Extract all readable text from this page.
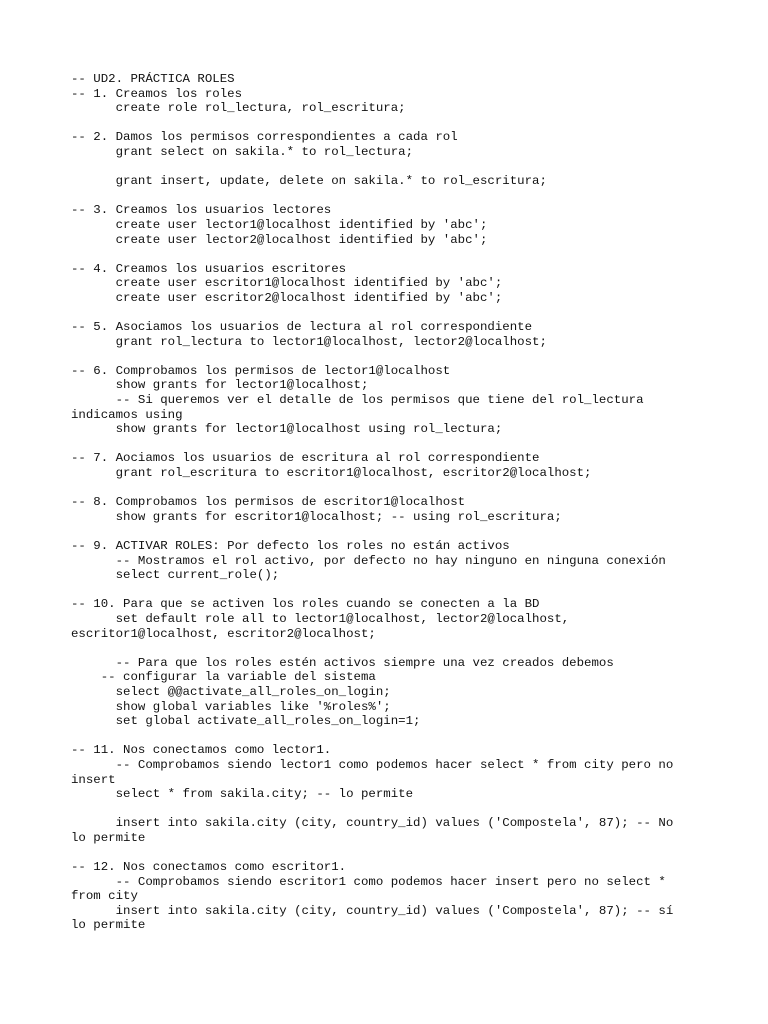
-- UD2. PRÁCTICA ROLES
-- 1. Creamos los roles
create role rol_lectura, rol_escritura;
-- 2. Damos los permisos correspondientes a cada rol
grant select on sakila.* to rol_lectura;
grant insert, update, delete on sakila.* to rol_escritura;
-- 3. Creamos los usuarios lectores
create user lector1@localhost identified by 'abc';
create user lector2@localhost identified by 'abc';
-- 4. Creamos los usuarios escritores
create user escritor1@localhost identified by 'abc';
create user escritor2@localhost identified by 'abc';
-- 5. Asociamos los usuarios de lectura al rol correspondiente
grant rol_lectura to lector1@localhost, lector2@localhost;
-- 6. Comprobamos los permisos de lector1@localhost
show grants for lector1@localhost;
-- Si queremos ver el detalle de los permisos que tiene del rol_lectura
indicamos using
show grants for lector1@localhost using rol_lectura;
-- 7. Aociamos los usuarios de escritura al rol correspondiente
grant rol_escritura to escritor1@localhost, escritor2@localhost;
-- 8. Comprobamos los permisos de escritor1@localhost
show grants for escritor1@localhost; -- using rol_escritura;
-- 9. ACTIVAR ROLES: Por defecto los roles no están activos
-- Mostramos el rol activo, por defecto no hay ninguno en ninguna conexión
select current_role();
-- 10. Para que se activen los roles cuando se conecten a la BD
set default role all to lector1@localhost, lector2@localhost,
escritor1@localhost, escritor2@localhost;
-- Para que los roles estén activos siempre una vez creados debemos
-- configurar la variable del sistema
select @@activate_all_roles_on_login;
show global variables like '%roles%';
set global activate_all_roles_on_login=1;
-- 11. Nos conectamos como lector1.
-- Comprobamos siendo lector1 como podemos hacer select * from city pero no
insert
select * from sakila.city; -- lo permite
insert into sakila.city (city, country_id) values ('Compostela', 87); -- No
lo permite
-- 12. Nos conectamos como escritor1.
-- Comprobamos siendo escritor1 como podemos hacer insert pero no select *
from city
insert into sakila.city (city, country_id) values ('Compostela', 87); -- sí
lo permite
